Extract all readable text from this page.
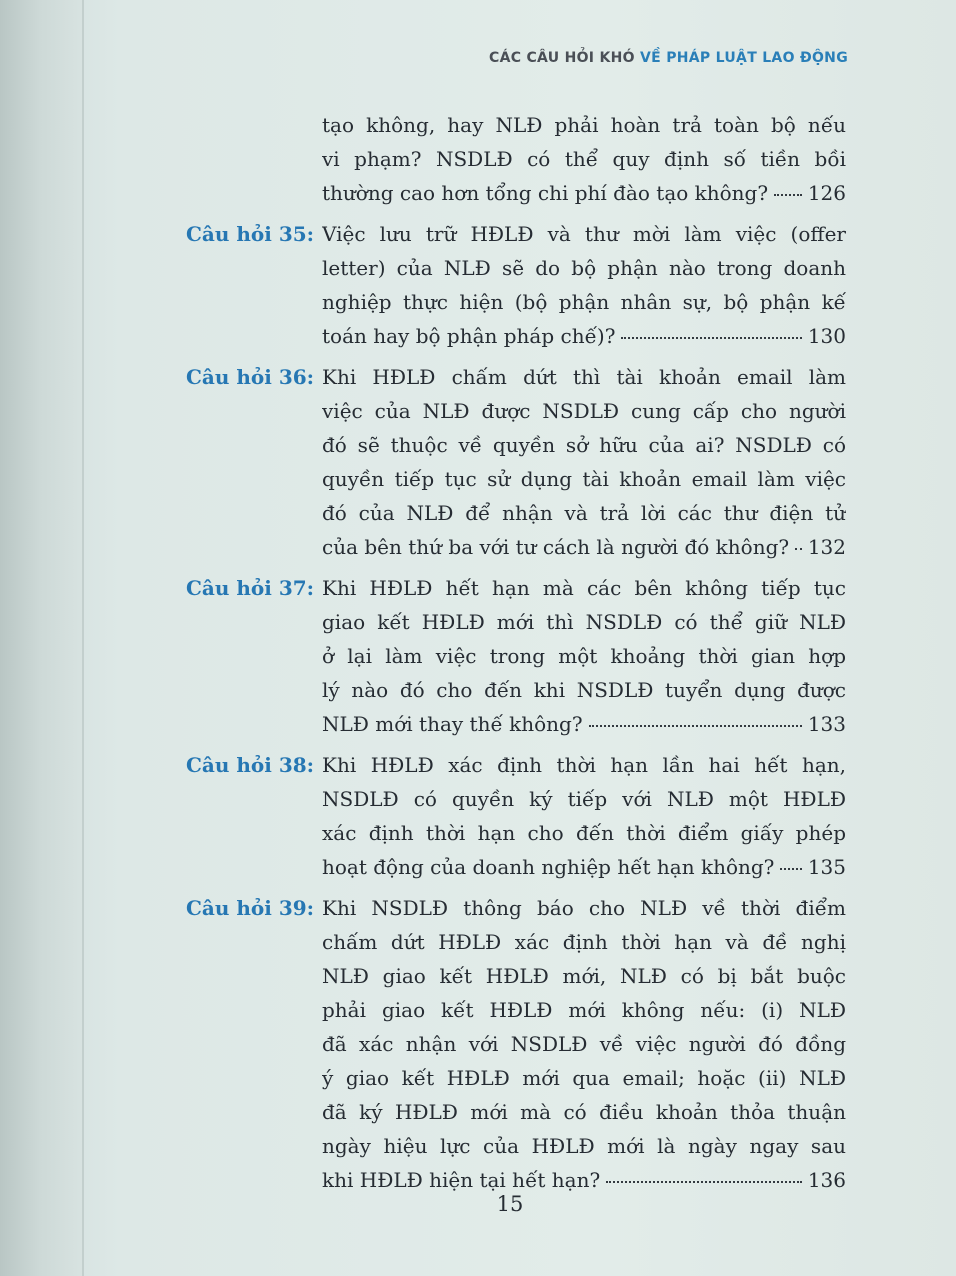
CÁC CÂU HỎI KHÓ VỀ PHÁP LUẬT LAO ĐỘNG
tạo không, hay NLĐ phải hoàn trả toàn bộ nếu
vi phạm? NSDLĐ có thể quy định số tiền bồi
thường cao hơn tổng chi phí đào tạo không? 126
Câu hỏi 35: Việc lưu trữ HĐLĐ và thư mời làm việc (offer
letter) của NLĐ sẽ do bộ phận nào trong doanh
nghiệp thực hiện (bộ phận nhân sự, bộ phận kế
toán hay bộ phận pháp chế)?	130
Câu hỏi 36: Khi HĐLĐ chấm dứt thì tài khoản email làm
việc của NLĐ được NSDLĐ cung cấp cho người
đó sẽ thuộc về quyền sở hữu của ai? NSDLĐ có
quyền tiếp tục sử dụng tài khoản email làm việc
đó của NLĐ để nhận và trả lời các thư điện tử
của bên thứ ba với tư cách là người đó không? 132
Câu hỏi 37: Khi HĐLĐ hết hạn mà các bên không tiếp tục
giao kết HĐLĐ mới thì NSDLĐ có thể giữ NLĐ
ở lại làm việc trong một khoảng thời gian hợp
lý nào đó cho đến khi NSDLĐ tuyển dụng được
NLĐ mới thay thế không?	133
Câu hỏi 38: Khi HĐLĐ xác định thời hạn lần hai hết hạn,
NSDLĐ có quyền ký tiếp với NLĐ một HĐLĐ
xác định thời hạn cho đến thời điểm giấy phép
hoạt động của doanh nghiệp hết hạn không? 135
Câu hỏi 39: Khi NSDLĐ thông báo cho NLĐ về thời điểm
chấm dứt HĐLĐ xác định thời hạn và đề nghị
NLĐ giao kết HĐLĐ mới, NLĐ có bị bắt buộc
phải giao kết HĐLĐ mới không nếu: (i) NLĐ
đã xác nhận với NSDLĐ về việc người đó đồng
ý giao kết HĐLĐ mới qua email; hoặc (ii) NLĐ
đã ký HĐLĐ mới mà có điều khoản thỏa thuận
ngày hiệu lực của HĐLĐ mới là ngày ngay sau
khi HĐLĐ hiện tại hết hạn?	136
15
